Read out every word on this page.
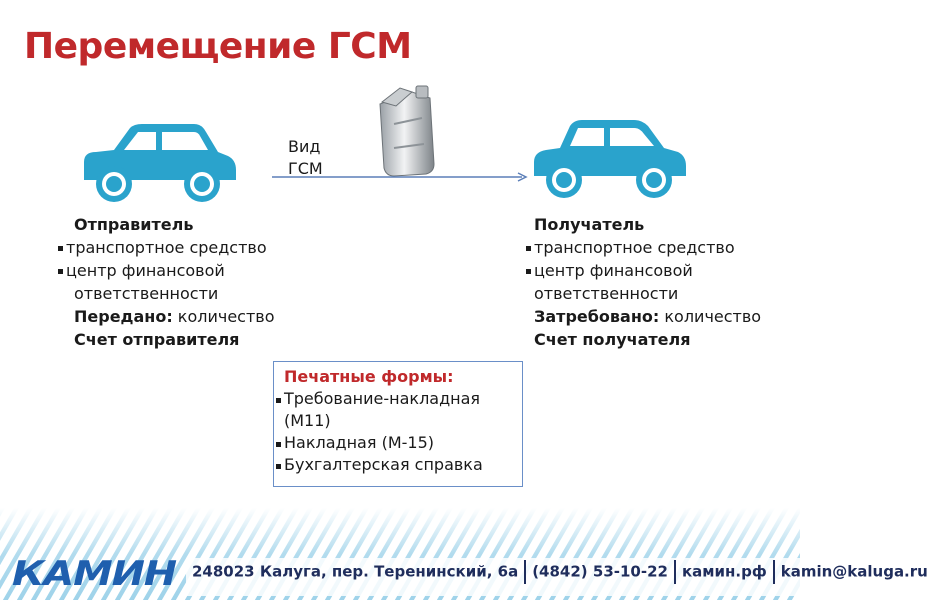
Перемещение ГСМ
Вид
ГСМ
Отправитель
транспортное средство
центр финансовой
ответственности
Передано: количество
Счет отправителя
Получатель
транспортное средство
центр финансовой
ответственности
Затребовано: количество
Счет получателя
Печатные формы:
Требование-накладная
(М11)
Накладная (М-15)
Бухгалтерская справка
КАМИН 248023 Калуга, пер. Теренинский, 6а (4842) 53-10-22 камин.рф kamin@kaluga.ru
